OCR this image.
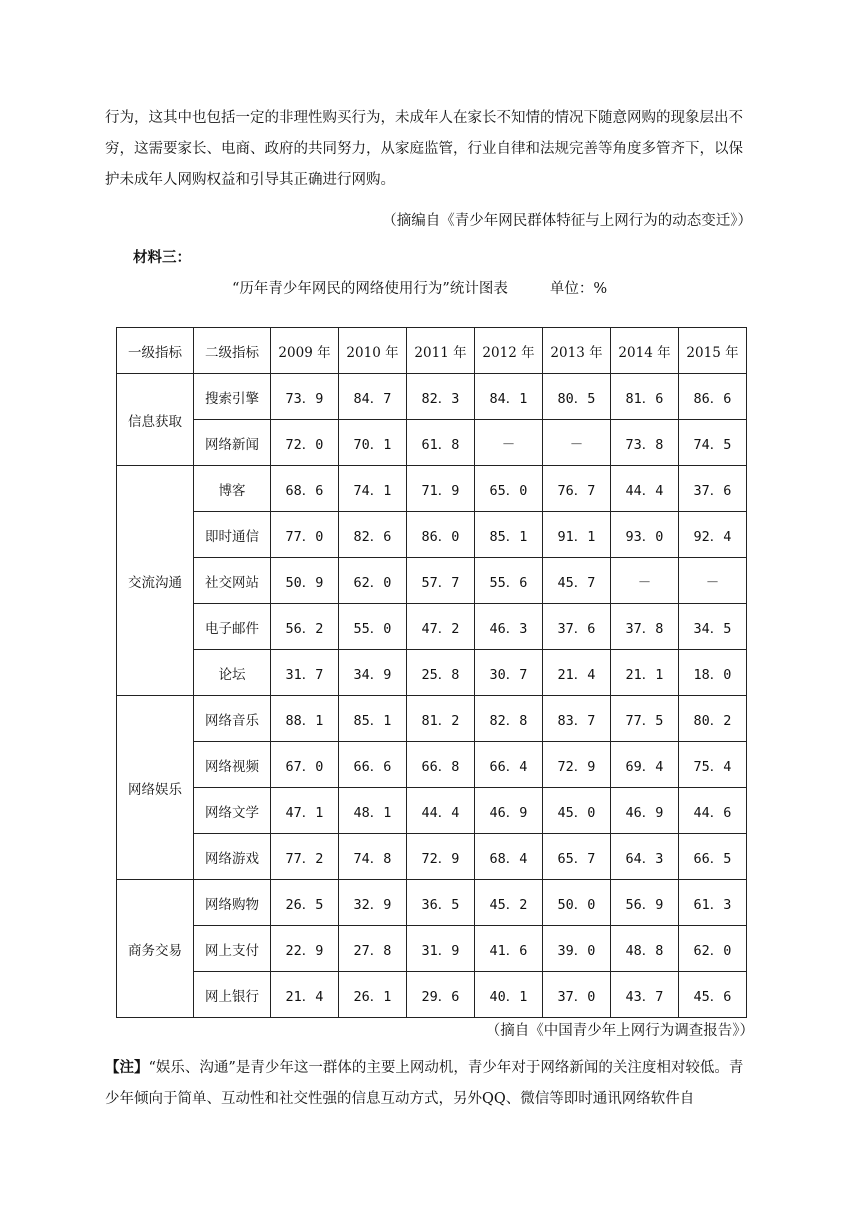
行为，这其中也包括一定的非理性购买行为，未成年人在家长不知情的情况下随意网购的现象层出不穷，这需要家长、电商、政府的共同努力，从家庭监管，行业自律和法规完善等角度多管齐下，以保护未成年人网购权益和引导其正确进行网购。

（摘编自《青少年网民群体特征与上网行为的动态变迁》）
材料三：
“历年青少年网民的网络使用行为”统计图表	单位：%
一级指标	二级指标	2009 年	2010 年	2011 年	2012 年	2013 年	2014 年	2015 年
信息获取	搜索引擎	73．9	84．7	82．3	84．1	80．5	81．6	86．6
	网络新闻	72．0	70．1	61．8	－	－	73．8	74．5
交流沟通	博客	68．6	74．1	71．9	65．0	76．7	44．4	37．6
	即时通信	77．0	82．6	86．0	85．1	91．1	93．0	92．4
	社交网站	50．9	62．0	57．7	55．6	45．7	－	－
	电子邮件	56．2	55．0	47．2	46．3	37．6	37．8	34．5
	论坛	31．7	34．9	25．8	30．7	21．4	21．1	18．0
网络娱乐	网络音乐	88．1	85．1	81．2	82．8	83．7	77．5	80．2
	网络视频	67．0	66．6	66．8	66．4	72．9	69．4	75．4
	网络文学	47．1	48．1	44．4	46．9	45．0	46．9	44．6
	网络游戏	77．2	74．8	72．9	68．4	65．7	64．3	66．5
商务交易	网络购物	26．5	32．9	36．5	45．2	50．0	56．9	61．3
	网上支付	22．9	27．8	31．9	41．6	39．0	48．8	62．0
	网上银行	21．4	26．1	29．6	40．1	37．0	43．7	45．6
（摘自《中国青少年上网行为调查报告》）

【注】“娱乐、沟通”是青少年这一群体的主要上网动机，青少年对于网络新闻的关注度相对较低。青少年倾向于简单、互动性和社交性强的信息互动方式，另外QQ、微信等即时通讯网络软件自
